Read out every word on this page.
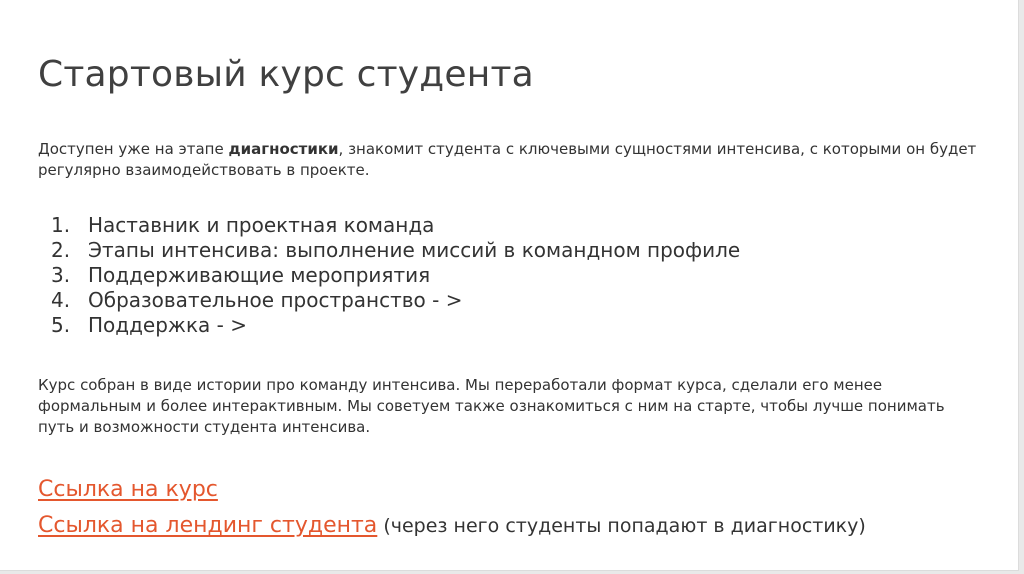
Стартовый курс студента

Доступен уже на этапе диагностики, знакомит студента с ключевыми сущностями интенсива, с которыми он будет регулярно взаимодействовать в проекте.

1. Наставник и проектная команда
2. Этапы интенсива: выполнение миссий в командном профиле
3. Поддерживающие мероприятия
4. Образовательное пространство - >
5. Поддержка - >

Курс собран в виде истории про команду интенсива. Мы переработали формат курса, сделали его менее формальным и более интерактивным. Мы советуем также ознакомиться с ним на старте, чтобы лучше понимать путь и возможности студента интенсива.

Ссылка на курс
Ссылка на лендинг студента (через него студенты попадают в диагностику)
